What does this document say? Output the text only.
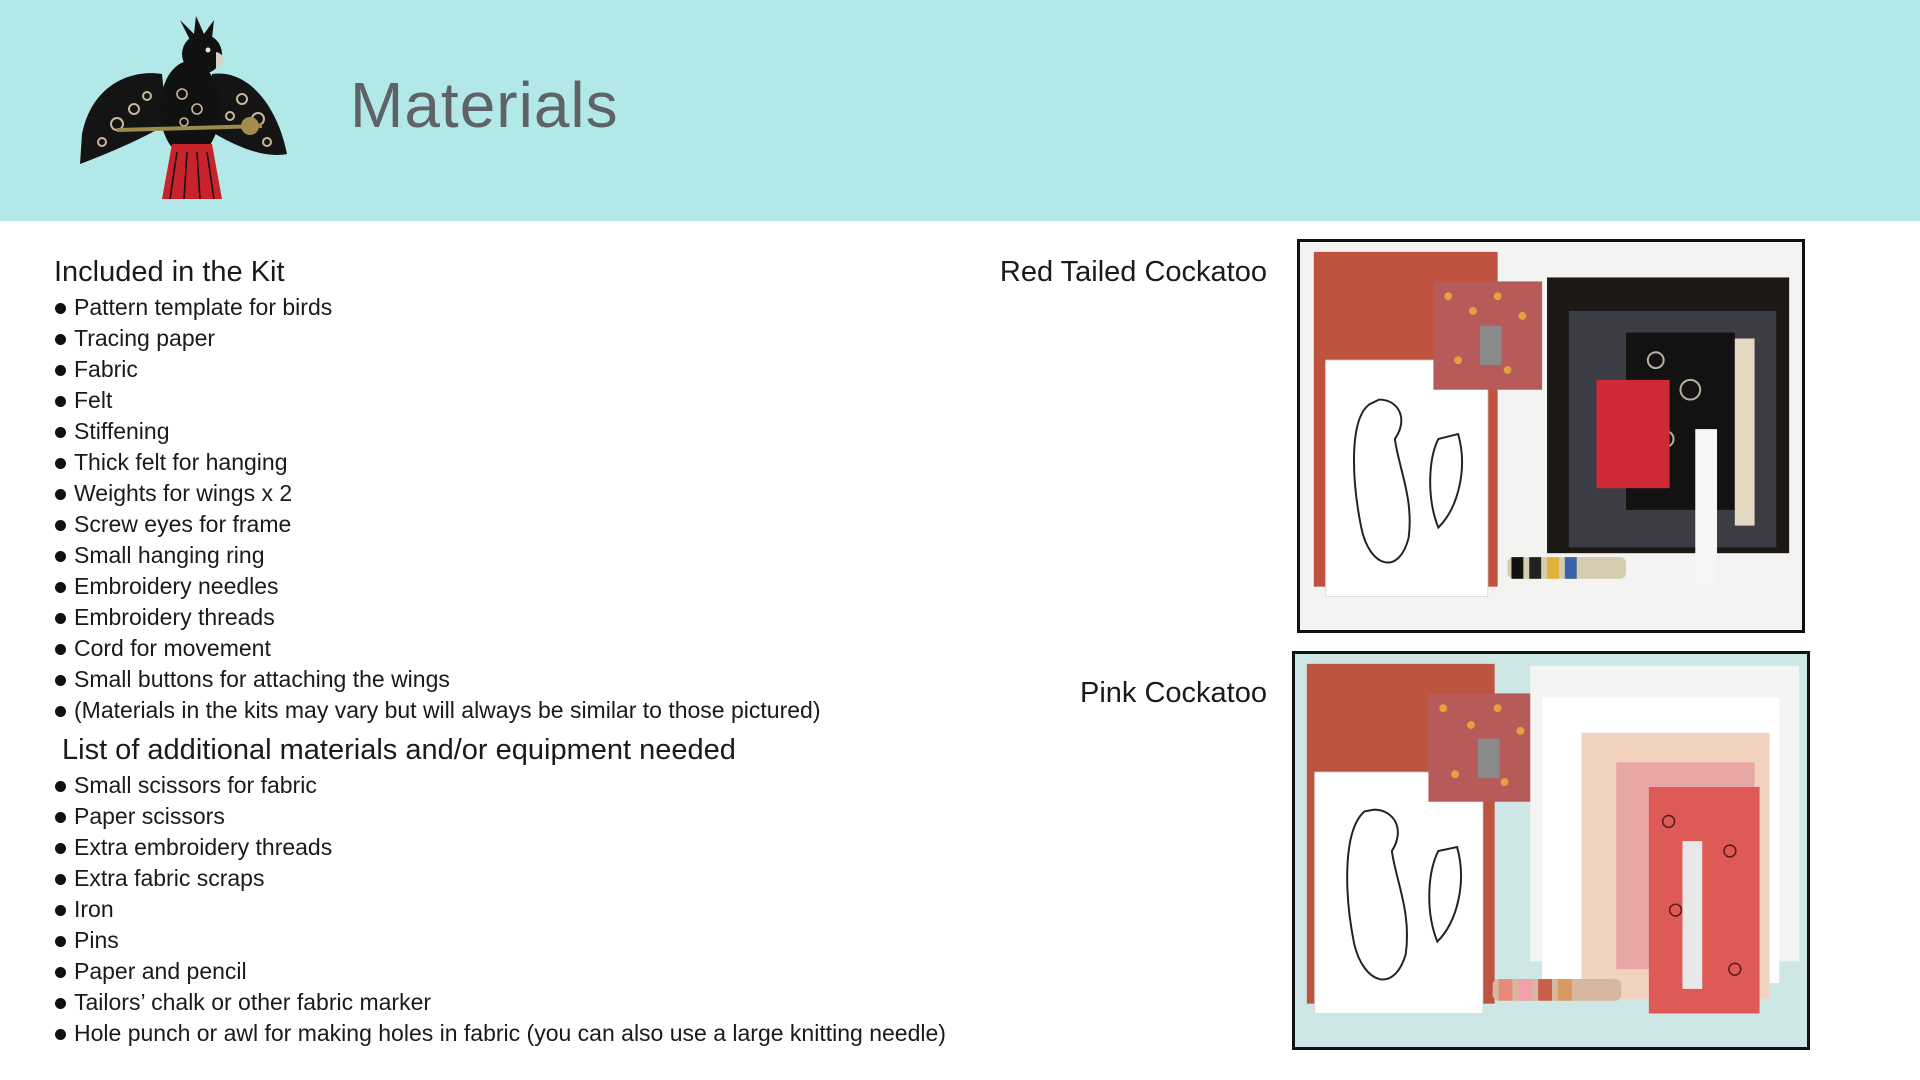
Materials
Included in the Kit
Pattern template for birds
Tracing paper
Fabric
Felt
Stiffening
Thick felt for hanging
Weights for wings x 2
Screw eyes for frame
Small hanging ring
Embroidery needles
Embroidery threads
Cord for movement
Small buttons for attaching the wings
(Materials in the kits may vary but will always be similar to those pictured)
List of additional materials and/or equipment needed
Small scissors for fabric
Paper scissors
Extra embroidery threads
Extra fabric scraps
Iron
Pins
Paper and pencil
Tailors’ chalk or other fabric marker
Hole punch or awl for making holes in fabric (you can also use a large knitting needle)
Red Tailed Cockatoo
Pink Cockatoo
